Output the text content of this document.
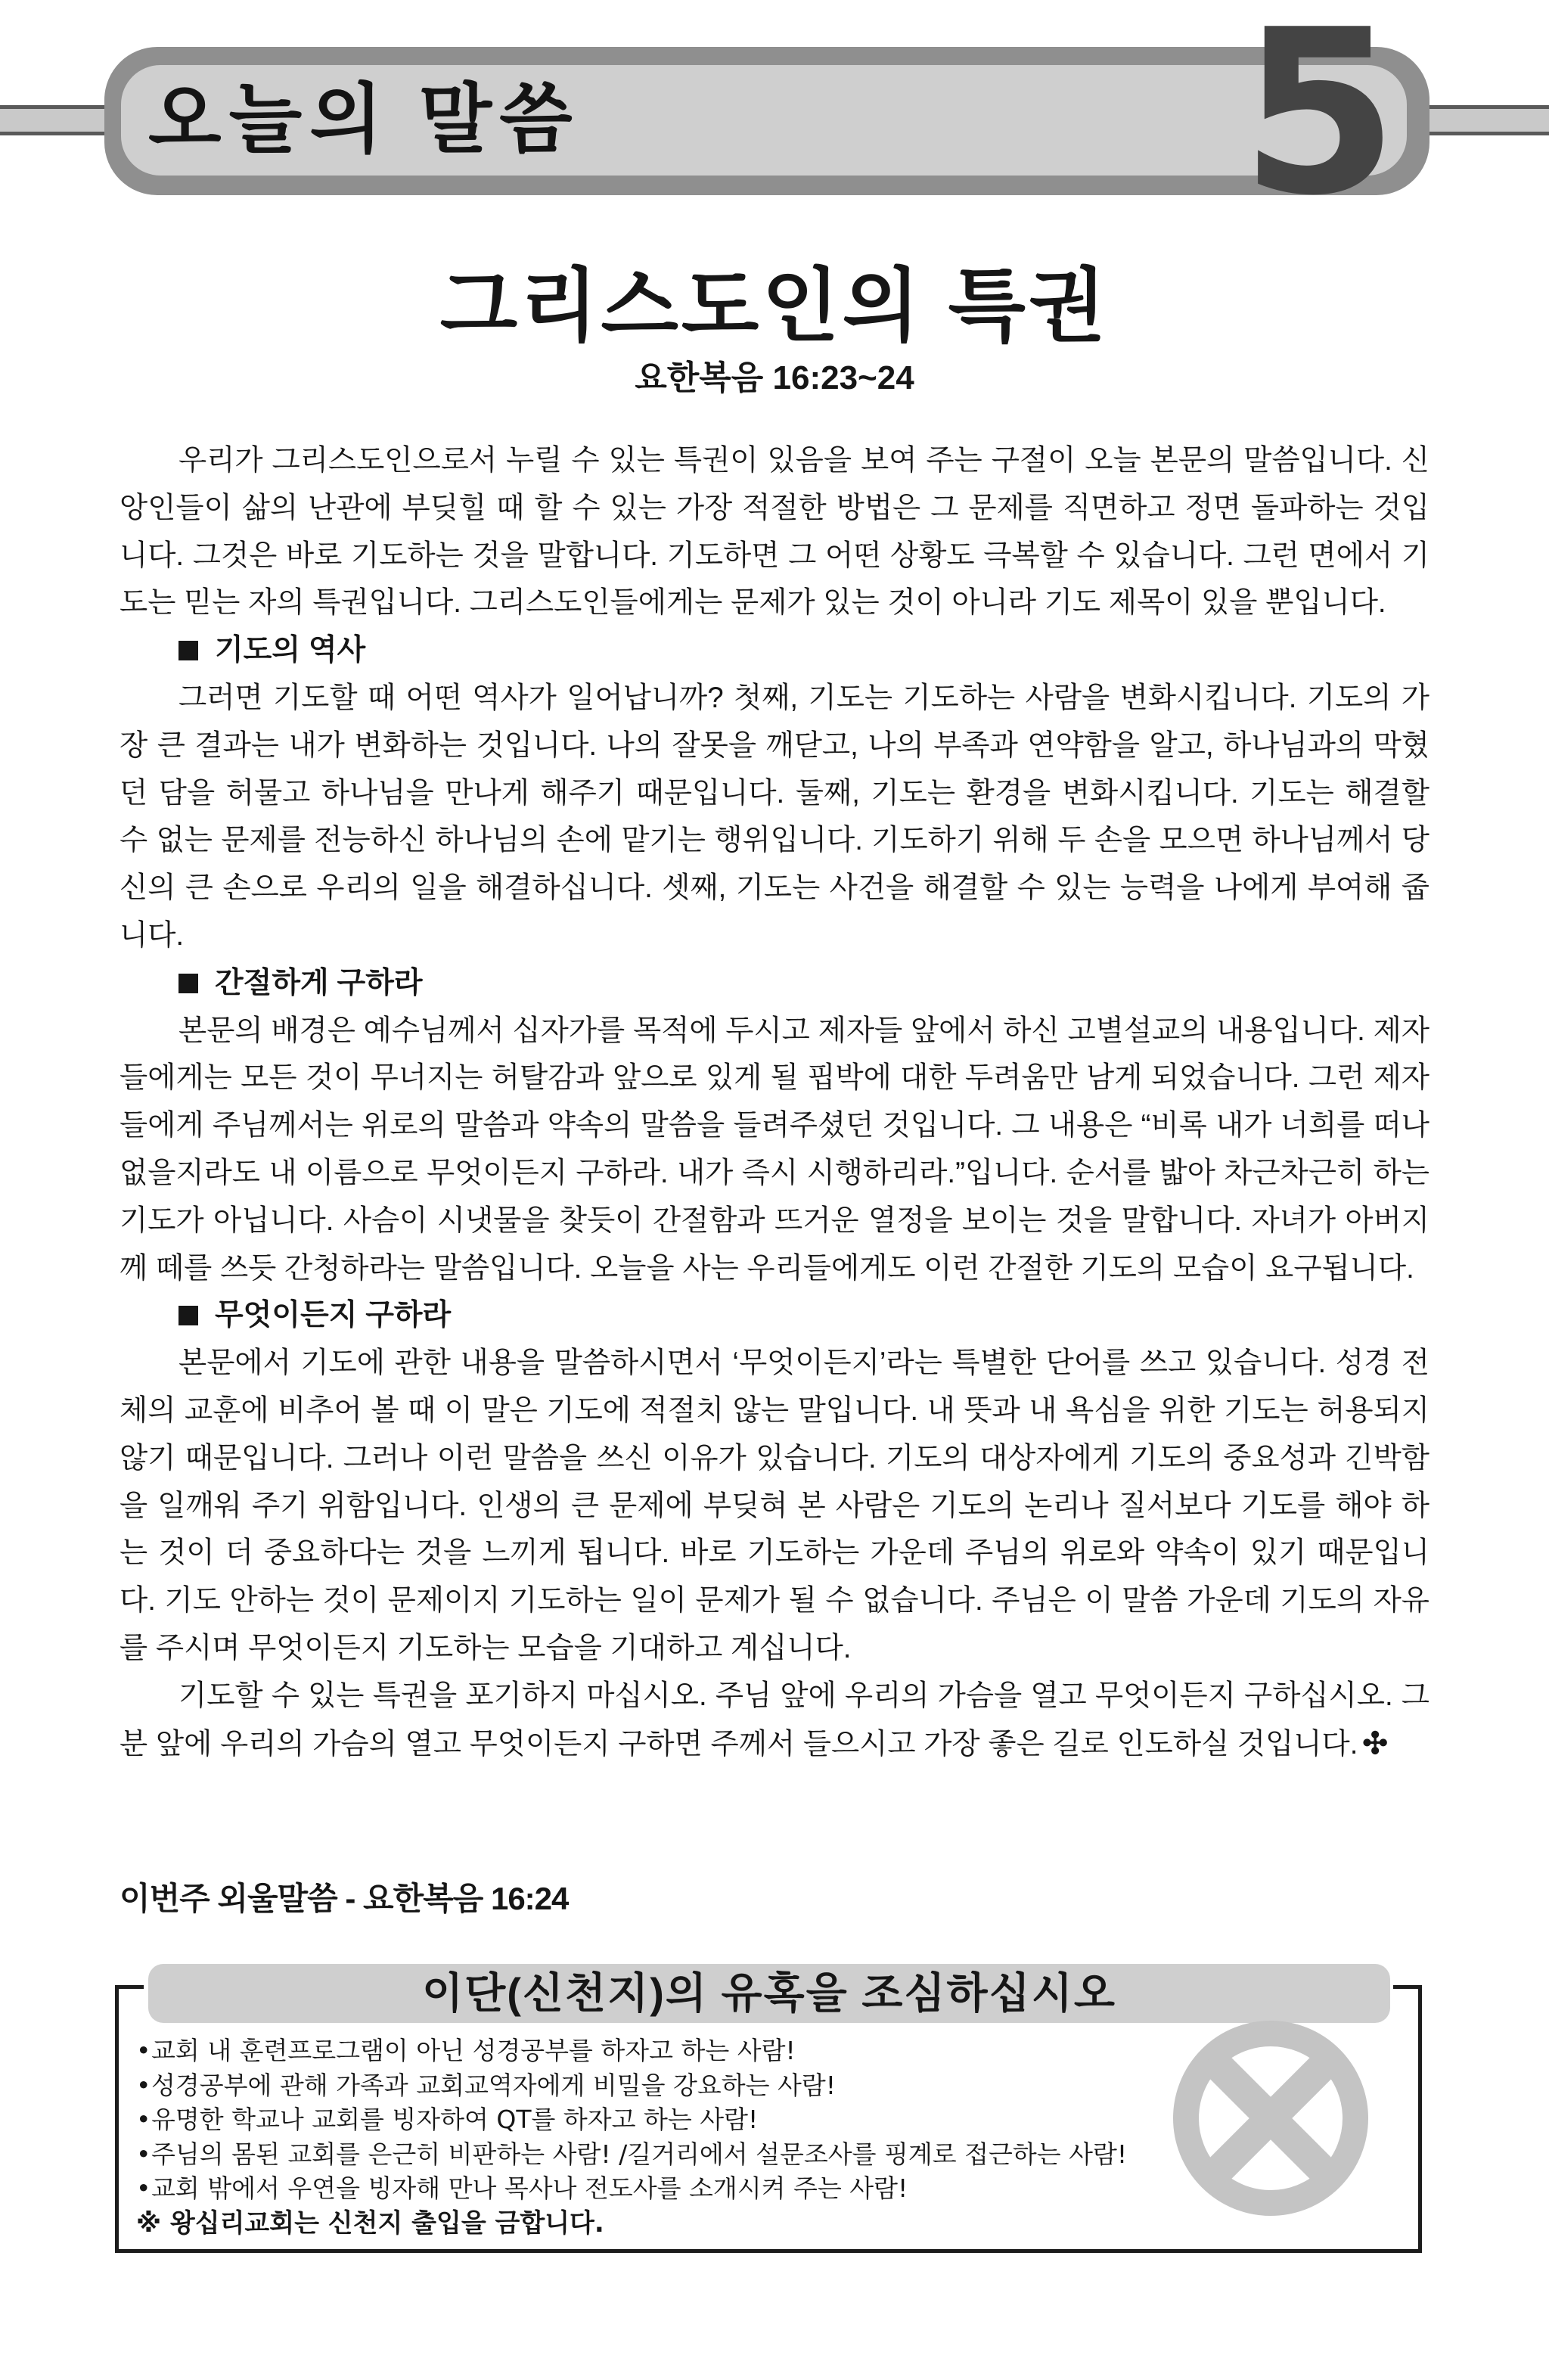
오늘의 말씀	5
그리스도인의 특권
요한복음 16:23~24

우리가 그리스도인으로서 누릴 수 있는 특권이 있음을 보여 주는 구절이 오늘 본문의 말씀입니다. 신앙인들이 삶의 난관에 부딪힐 때 할 수 있는 가장 적절한 방법은 그 문제를 직면하고 정면 돌파하는 것입니다. 그것은 바로 기도하는 것을 말합니다. 기도하면 그 어떤 상황도 극복할 수 있습니다. 그런 면에서 기도는 믿는 자의 특권입니다. 그리스도인들에게는 문제가 있는 것이 아니라 기도 제목이 있을 뿐입니다.

기도의 역사

그러면 기도할 때 어떤 역사가 일어납니까? 첫째, 기도는 기도하는 사람을 변화시킵니다. 기도의 가장 큰 결과는 내가 변화하는 것입니다. 나의 잘못을 깨닫고, 나의 부족과 연약함을 알고, 하나님과의 막혔던 담을 허물고 하나님을 만나게 해주기 때문입니다. 둘째, 기도는 환경을 변화시킵니다. 기도는 해결할 수 없는 문제를 전능하신 하나님의 손에 맡기는 행위입니다. 기도하기 위해 두 손을 모으면 하나님께서 당신의 큰 손으로 우리의 일을 해결하십니다. 셋째, 기도는 사건을 해결할 수 있는 능력을 나에게 부여해 줍니다.

간절하게 구하라

본문의 배경은 예수님께서 십자가를 목적에 두시고 제자들 앞에서 하신 고별설교의 내용입니다. 제자들에게는 모든 것이 무너지는 허탈감과 앞으로 있게 될 핍박에 대한 두려움만 남게 되었습니다. 그런 제자들에게 주님께서는 위로의 말씀과 약속의 말씀을 들려주셨던 것입니다. 그 내용은 “비록 내가 너희를 떠나 없을지라도 내 이름으로 무엇이든지 구하라. 내가 즉시 시행하리라.”입니다. 순서를 밟아 차근차근히 하는 기도가 아닙니다. 사슴이 시냇물을 찾듯이 간절함과 뜨거운 열정을 보이는 것을 말합니다. 자녀가 아버지께 떼를 쓰듯 간청하라는 말씀입니다. 오늘을 사는 우리들에게도 이런 간절한 기도의 모습이 요구됩니다.

무엇이든지 구하라

본문에서 기도에 관한 내용을 말씀하시면서 ‘무엇이든지’라는 특별한 단어를 쓰고 있습니다. 성경 전체의 교훈에 비추어 볼 때 이 말은 기도에 적절치 않는 말입니다. 내 뜻과 내 욕심을 위한 기도는 허용되지 않기 때문입니다. 그러나 이런 말씀을 쓰신 이유가 있습니다. 기도의 대상자에게 기도의 중요성과 긴박함을 일깨워 주기 위함입니다. 인생의 큰 문제에 부딪혀 본 사람은 기도의 논리나 질서보다 기도를 해야 하는 것이 더 중요하다는 것을 느끼게 됩니다. 바로 기도하는 가운데 주님의 위로와 약속이 있기 때문입니다. 기도 안하는 것이 문제이지 기도하는 일이 문제가 될 수 없습니다. 주님은 이 말씀 가운데 기도의 자유를 주시며 무엇이든지 기도하는 모습을 기대하고 계십니다.

기도할 수 있는 특권을 포기하지 마십시오. 주님 앞에 우리의 가슴을 열고 무엇이든지 구하십시오. 그분 앞에 우리의 가슴의 열고 무엇이든지 구하면 주께서 들으시고 가장 좋은 길로 인도하실 것입니다. ✣

이번주 외울말씀 - 요한복음 16:24
이단(신천지)의 유혹을 조심하십시오
•교회 내 훈련프로그램이 아닌 성경공부를 하자고 하는 사람!
•성경공부에 관해 가족과 교회교역자에게 비밀을 강요하는 사람!
•유명한 학교나 교회를 빙자하여 QT를 하자고 하는 사람!
•주님의 몸된 교회를 은근히 비판하는 사람! /길거리에서 설문조사를 핑계로 접근하는 사람!
•교회 밖에서 우연을 빙자해 만나 목사나 전도사를 소개시켜 주는 사람!
※ 왕십리교회는 신천지 출입을 금합니다.
